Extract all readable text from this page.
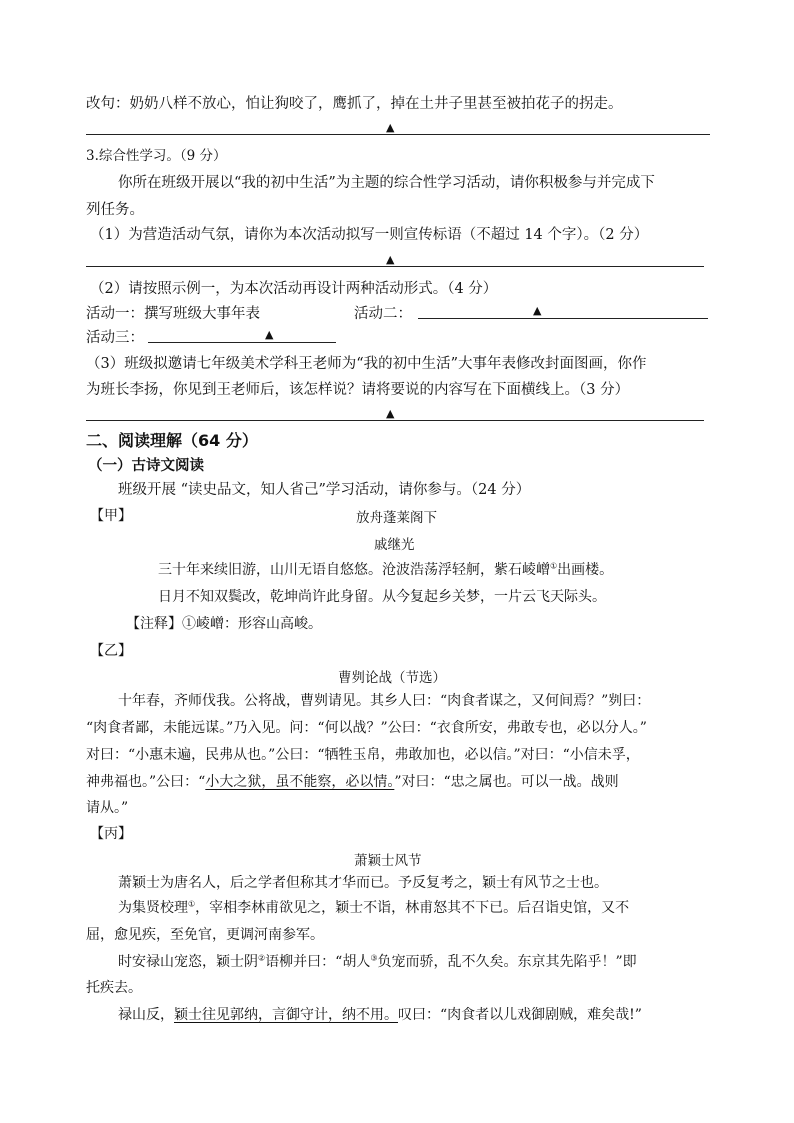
改句：奶奶八样不放心，怕让狗咬了，鹰抓了，掉在土井子里甚至被拍花子的拐走。
▲
3.综合性学习。（9 分）
你所在班级开展以“我的初中生活”为主题的综合性学习活动，请你积极参与并完成下
列任务。
（1）为营造活动气氛，请你为本次活动拟写一则宣传标语（不超过 14 个字）。（2 分）
▲
（2）请按照示例一，为本次活动再设计两种活动形式。（4 分）
活动一：撰写班级大事年表	活动二：	▲
活动三：	▲
（3）班级拟邀请七年级美术学科王老师为“我的初中生活”大事年表修改封面图画，你作
为班长李扬，你见到王老师后，该怎样说？请将要说的内容写在下面横线上。（3 分）
▲
二、阅读理解（64 分）
（一）古诗文阅读
班级开展 “读史品文，知人省己”学习活动，请你参与。（24 分）
【甲】	放舟蓬莱阁下
戚继光
三十年来续旧游，山川无语自悠悠。沧波浩荡浮轻舸，紫石崚嶒①出画楼。
日月不知双鬓改，乾坤尚许此身留。从今复起乡关梦，一片云飞天际头。
【注释】①崚嶒：形容山高峻。
【乙】
曹刿论战（节选）
十年春，齐师伐我。公将战，曹刿请见。其乡人曰：“肉食者谋之，又何间焉？”刿曰：
“肉食者鄙，未能远谋。”乃入见。问：“何以战？”公曰：“衣食所安，弗敢专也，必以分人。”
对曰：“小惠未遍，民弗从也。”公曰：“牺牲玉帛，弗敢加也，必以信。”对曰：“小信未孚，
神弗福也。”公曰：“小大之狱，虽不能察，必以情。”对曰：“忠之属也。可以一战。战则
请从。”
【丙】
萧颖士风节
萧颖士为唐名人，后之学者但称其才华而已。予反复考之，颖士有风节之士也。
为集贤校理①，宰相李林甫欲见之，颖士不诣，林甫怒其不下已。后召诣史馆，又不
屈，愈见疾，至免官，更调河南参军。
时安禄山宠恣，颖士阴②语柳并曰：“胡人③负宠而骄，乱不久矣。东京其先陷乎！”即
托疾去。
禄山反，颖士往见郭纳，言御守计，纳不用。叹曰：“肉食者以儿戏御剧贼，难矣哉!”
